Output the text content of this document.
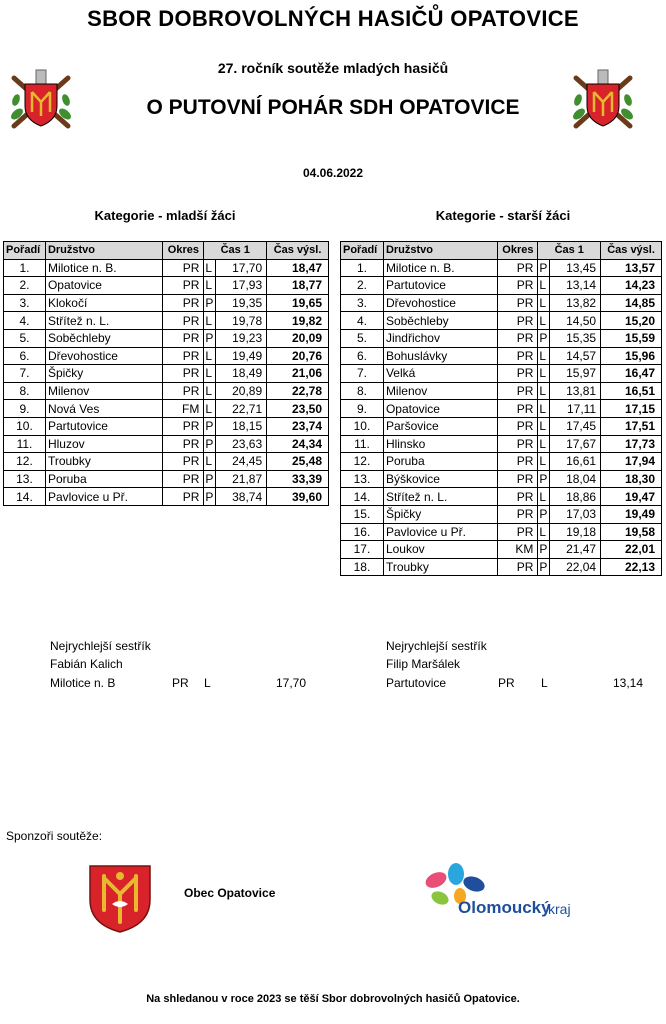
SBOR DOBROVOLNÝCH HASIČŮ OPATOVICE
27. ročník soutěže mladých hasičů
O PUTOVNÍ POHÁR SDH OPATOVICE
04.06.2022
Kategorie - mladší žáci	Kategorie - starší žáci
Pořadí	Družstvo	Okres	Čas 1		Čas výsl.
1.	Milotice n. B.	PR	L	17,70	18,47
2.	Opatovice	PR	L	17,93	18,77
3.	Klokočí	PR	P	19,35	19,65
4.	Střítež n. L.	PR	L	19,78	19,82
5.	Soběchleby	PR	P	19,23	20,09
6.	Dřevohostice	PR	L	19,49	20,76
7.	Špičky	PR	L	18,49	21,06
8.	Milenov	PR	L	20,89	22,78
9.	Nová Ves	FM	L	22,71	23,50
10.	Partutovice	PR	P	18,15	23,74
11.	Hluzov	PR	P	23,63	24,34
12.	Troubky	PR	L	24,45	25,48
13.	Poruba	PR	P	21,87	33,39
14.	Pavlovice u Př.	PR	P	38,74	39,60
Pořadí	Družstvo	Okres	Čas 1		Čas výsl.
1.	Milotice n. B.	PR	P	13,45	13,57
2.	Partutovice	PR	L	13,14	14,23
3.	Dřevohostice	PR	L	13,82	14,85
4.	Soběchleby	PR	L	14,50	15,20
5.	Jindřichov	PR	P	15,35	15,59
6.	Bohuslávky	PR	L	14,57	15,96
7.	Velká	PR	L	15,97	16,47
8.	Milenov	PR	L	13,81	16,51
9.	Opatovice	PR	L	17,11	17,15
10.	Paršovice	PR	L	17,45	17,51
11.	Hlinsko	PR	L	17,67	17,73
12.	Poruba	PR	L	16,61	17,94
13.	Býškovice	PR	P	18,04	18,30
14.	Střítež n. L.	PR	L	18,86	19,47
15.	Špičky	PR	P	17,03	19,49
16.	Pavlovice u Př.	PR	L	19,18	19,58
17.	Loukov	KM	P	21,47	22,01
18.	Troubky	PR	P	22,04	22,13
Nejrychlejší sestřík
Fabián Kalich
Milotice n. B	PR L	17,70
Nejrychlejší sestřík
Filip Maršálek
Partutovice	PR L	13,14
Sponzoři soutěže:
Obec Opatovice
Olomoucký
kraj
Na shledanou v roce 2023 se těší Sbor dobrovolných hasičů Opatovice.
